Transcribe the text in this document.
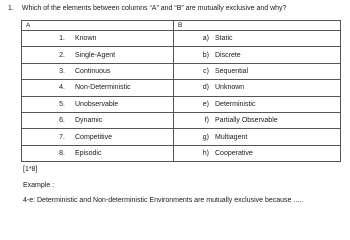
1. Which of the elements between columns “A” and “B” are mutually exclusive and why?
A	B

1. Known	a) Static

2. Single-Agent	b) Discrete

3. Continuous	c) Sequential

4. Non-Deterministic	d) Unknown

5. Unobservable	e) Deterministic

6. Dynamic	f) Partially Observable

7. Competitive	g) Multiagent

8. Episodic	h) Cooperative
[1*8]
Example :
4-e: Deterministic and Non-deterministic Environments are mutually exclusive because .....
